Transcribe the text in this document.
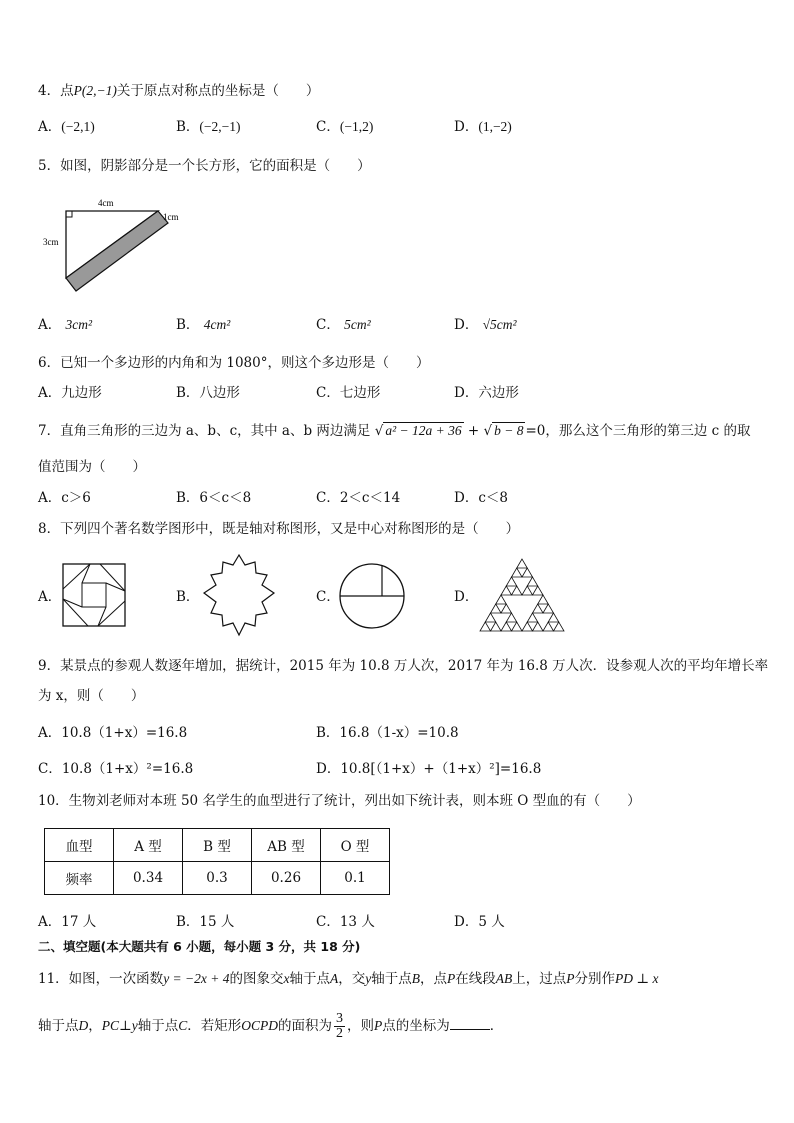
4．点P(2,−1)关于原点对称点的坐标是（　　）
A．(−2,1)	B．(−2,−1)	C．(−1,2)	D．(1,−2)
5．如图，阴影部分是一个长方形，它的面积是（　　）
4cm
3cm
1cm
A． 3cm²	B． 4cm²	C． 5cm²	D． √5cm²
6．已知一个多边形的内角和为 1080°，则这个多边形是（　　）
A．九边形	B．八边形	C．七边形	D．六边形
7．直角三角形的三边为 a、b、c，其中 a、b 两边满足 √ a² − 12a + 36 + √ b − 8 =0，那么这个三角形的第三边 c 的取
值范围为（　　）
A．c＞6	B．6＜c＜8	C．2＜c＜14	D．c＜8
8．下列四个著名数学图形中，既是轴对称图形，又是中心对称图形的是（　　）
A．	B．	C．	D．
9．某景点的参观人数逐年增加，据统计，2015 年为 10.8 万人次，2017 年为 16.8 万人次．设参观人次的平均年增长率
为 x，则（　　）
A．10.8（1+x）=16.8	B．16.8（1-x）=10.8
C．10.8（1+x）²=16.8	D．10.8[（1+x）+（1+x）²]=16.8
10．生物刘老师对本班 50 名学生的血型进行了统计，列出如下统计表，则本班 O 型血的有（　　）
血型	A 型	B 型	AB 型	O 型
频率	0.34	0.3	0.26	0.1
A．17 人	B．15 人	C．13 人	D．5 人
二、填空题(本大题共有 6 小题，每小题 3 分，共 18 分)
11．如图，一次函数y = −2x + 4的图象交x轴于点A，交y轴于点B，点P在线段AB上，过点P分别作PD ⊥ x
轴于点D，PC⊥y轴于点C．若矩形OCPD的面积为 $\frac{3}{2}$ ，则P点的坐标为	．
